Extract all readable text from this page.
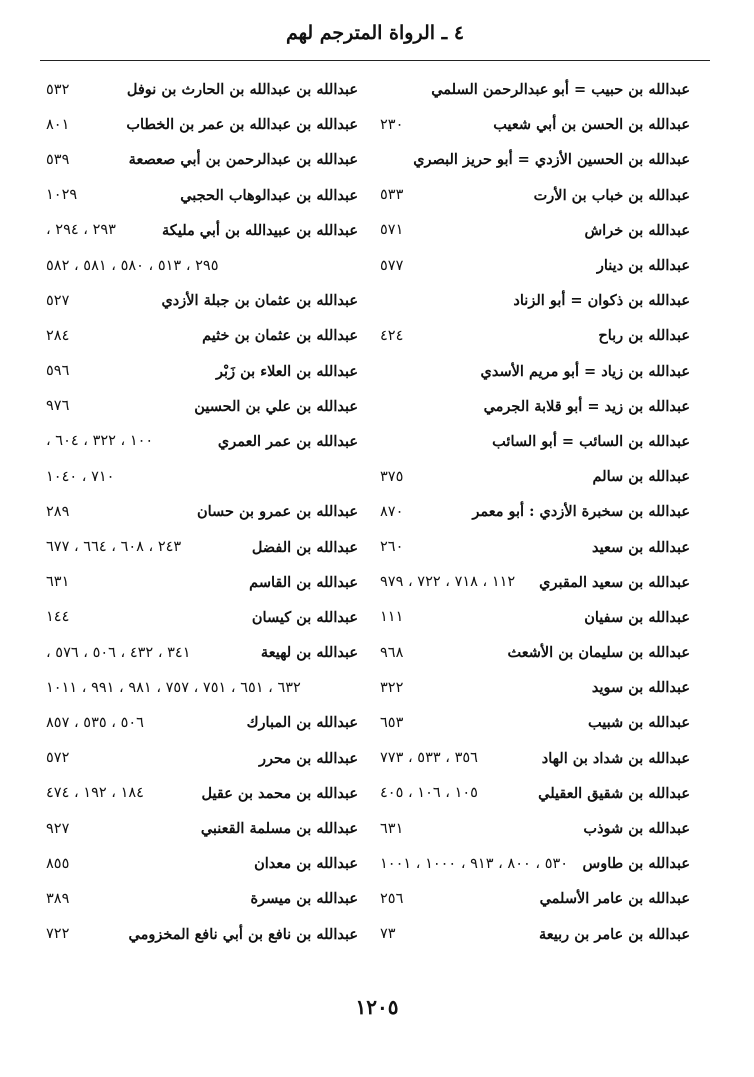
٤ ـ الرواة المترجم لهم
عبدالله بن حبيب = أبو عبدالرحمن السلمي
عبدالله بن الحسن بن أبي شعيب
٢٣٠
عبدالله بن الحسين الأزدي = أبو حريز البصري
عبدالله بن خباب بن الأرت
٥٣٣
عبدالله بن خراش
٥٧١
عبدالله بن دينار
٥٧٧
عبدالله بن ذكوان = أبو الزناد
عبدالله بن رباح
٤٢٤
عبدالله بن زياد = أبو مريم الأسدي
عبدالله بن زيد = أبو قلابة الجرمي
عبدالله بن السائب = أبو السائب
عبدالله بن سالم
٣٧٥
عبدالله بن سخبرة الأزدي : أبو معمر
٨٧٠
عبدالله بن سعيد
٢٦٠
عبدالله بن سعيد المقبري
١١٢ ، ٧١٨ ، ٧٢٢ ، ٩٧٩
عبدالله بن سفيان
١١١
عبدالله بن سليمان بن الأشعث
٩٦٨
عبدالله بن سويد
٣٢٢
عبدالله بن شبيب
٦٥٣
عبدالله بن شداد بن الهاد
٣٥٦ ، ٥٣٣ ، ٧٧٣
عبدالله بن شقيق العقيلي
١٠٥ ، ١٠٦ ، ٤٠٥
عبدالله بن شوذب
٦٣١
عبدالله بن طاوس
٥٣٠ ، ٨٠٠ ، ٩١٣ ، ١٠٠٠ ، ١٠٠١
عبدالله بن عامر الأسلمي
٢٥٦
عبدالله بن عامر بن ربيعة
٧٣
عبدالله بن عبدالله بن الحارث بن نوفل
٥٣٢
عبدالله بن عبدالله بن عمر بن الخطاب
٨٠١
عبدالله بن عبدالرحمن بن أبي صعصعة
٥٣٩
عبدالله بن عبدالوهاب الحجبي
١٠٢٩
عبدالله بن عبيدالله بن أبي مليكة
٢٩٣ ، ٢٩٤ ،
٢٩٥ ، ٥١٣ ، ٥٨٠ ، ٥٨١ ، ٥٨٢
عبدالله بن عثمان بن جبلة الأزدي
٥٢٧
عبدالله بن عثمان بن خثيم
٢٨٤
عبدالله بن العلاء بن زَبْر
٥٩٦
عبدالله بن علي بن الحسين
٩٧٦
عبدالله بن عمر العمري
١٠٠ ، ٣٢٢ ، ٦٠٤ ،
٧١٠ ، ١٠٤٠
عبدالله بن عمرو بن حسان
٢٨٩
عبدالله بن الفضل
٢٤٣ ، ٦٠٨ ، ٦٦٤ ، ٦٧٧
عبدالله بن القاسم
٦٣١
عبدالله بن كيسان
١٤٤
عبدالله بن لهيعة
٣٤١ ، ٤٣٢ ، ٥٠٦ ، ٥٧٦ ،
٦٣٢ ، ٦٥١ ، ٧٥١ ، ٧٥٧ ، ٩٨١ ، ٩٩١ ، ١٠١١
عبدالله بن المبارك
٥٠٦ ، ٥٣٥ ، ٨٥٧
عبدالله بن محرر
٥٧٢
عبدالله بن محمد بن عقيل
١٨٤ ، ١٩٢ ، ٤٧٤
عبدالله بن مسلمة القعنبي
٩٢٧
عبدالله بن معدان
٨٥٥
عبدالله بن ميسرة
٣٨٩
عبدالله بن نافع بن أبي نافع المخزومي
٧٢٢
١٢٠٥
